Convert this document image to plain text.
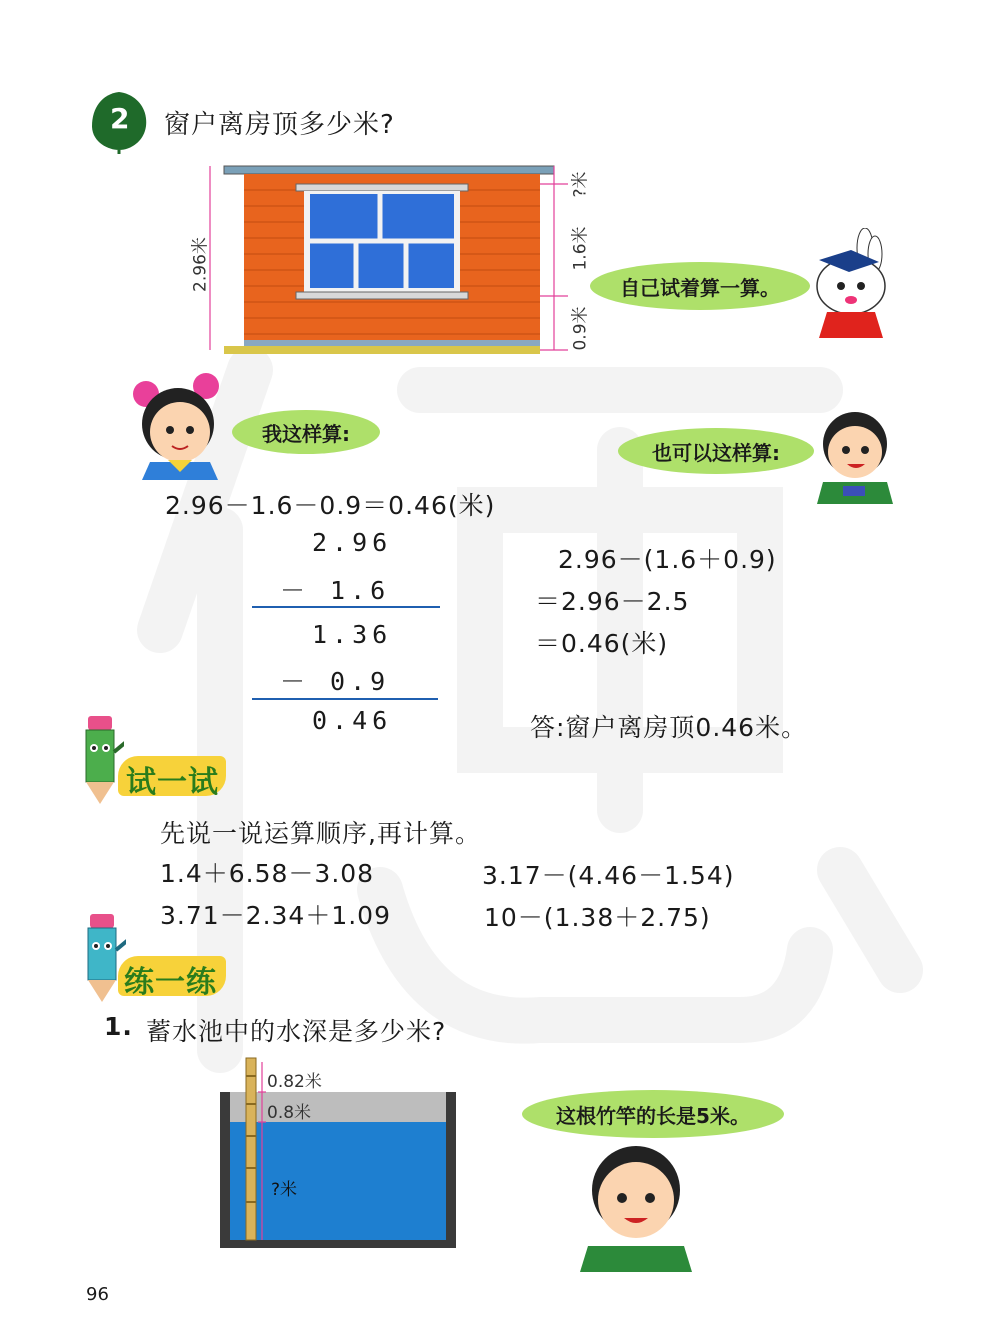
2 窗户离房顶多少米?
2.96米
?米
1.6米
0.9米
自己试着算一算。
我这样算:
也可以这样算:
2.96－1.6－0.9＝0.46(米)
2.96
－ 1.6
1.36
－ 0.9
0.46
2.96－(1.6＋0.9)
＝2.96－2.5
＝0.46(米)
答:窗户离房顶0.46米。
试一试
先说一说运算顺序,再计算。
1.4＋6.58－3.08	3.17－(4.46－1.54)
3.71－2.34＋1.09	10－(1.38＋2.75)
练一练
1. 蓄水池中的水深是多少米?
0.82米
0.8米
?米
这根竹竿的长是5米。
96
